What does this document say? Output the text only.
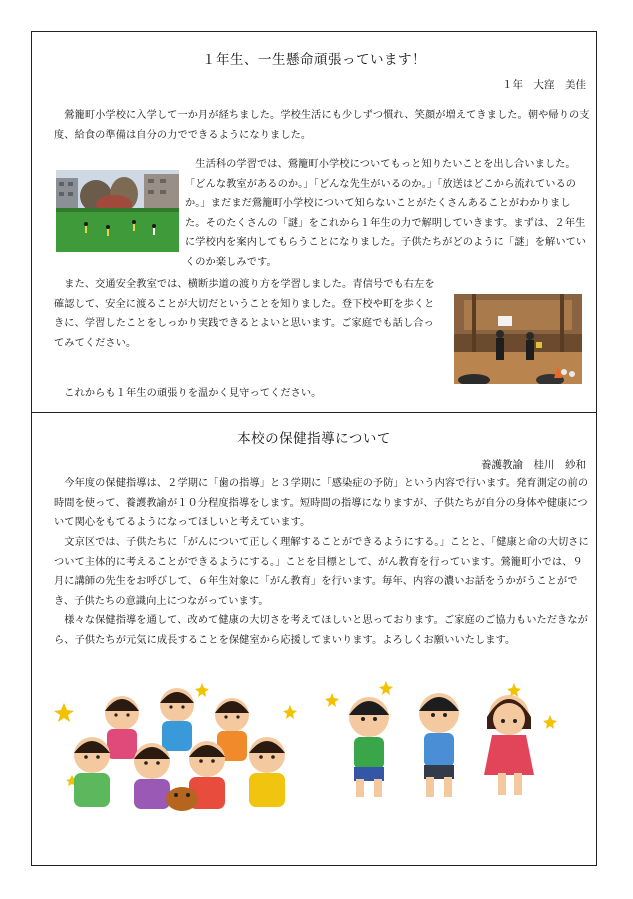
１年生、一生懸命頑張っています！

１年　大窪　美佳

　鶯籠町小学校に入学して一か月が経ちました。学校生活にも少しずつ慣れ、笑顔が増えてきました。朝や帰りの支度、給食の準備は自分の力でできるようになりました。

　生活科の学習では、鶯籠町小学校についてもっと知りたいことを出し合いました。「どんな教室があるのか。」「どんな先生がいるのか。」「放送はどこから流れているのか。」まだまだ鶯籠町小学校について知らないことがたくさんあることがわかりました。そのたくさんの「謎」をこれから１年生の力で解明していきます。まずは、２年生に学校内を案内してもらうことになりました。子供たちがどのように「謎」を解いていくのか楽しみです。

　また、交通安全教室では、横断歩道の渡り方を学習しました。青信号でも右左を確認して、安全に渡ることが大切だということを知りました。登下校や町を歩くときに、学習したことをしっかり実践できるとよいと思います。ご家庭でも話し合ってみてください。

　これからも１年生の頑張りを温かく見守ってください。

本校の保健指導について

養護教諭　桂川　紗和

　今年度の保健指導は、２学期に「歯の指導」と３学期に「感染症の予防」という内容で行います。発育測定の前の時間を使って、養護教諭が１０分程度指導をします。短時間の指導になりますが、子供たちが自分の身体や健康について関心をもてるようになってほしいと考えています。

　文京区では、子供たちに「がんについて正しく理解することができるようにする。」ことと、「健康と命の大切さについて主体的に考えることができるようにする。」ことを目標として、がん教育を行っています。鶯籠町小では、９月に講師の先生をお呼びして、６年生対象に「がん教育」を行います。毎年、内容の濃いお話をうかがうことができ、子供たちの意識向上につながっています。

　様々な保健指導を通して、改めて健康の大切さを考えてほしいと思っております。ご家庭のご協力もいただきながら、子供たちが元気に成長することを保健室から応援してまいります。よろしくお願いいたします。
